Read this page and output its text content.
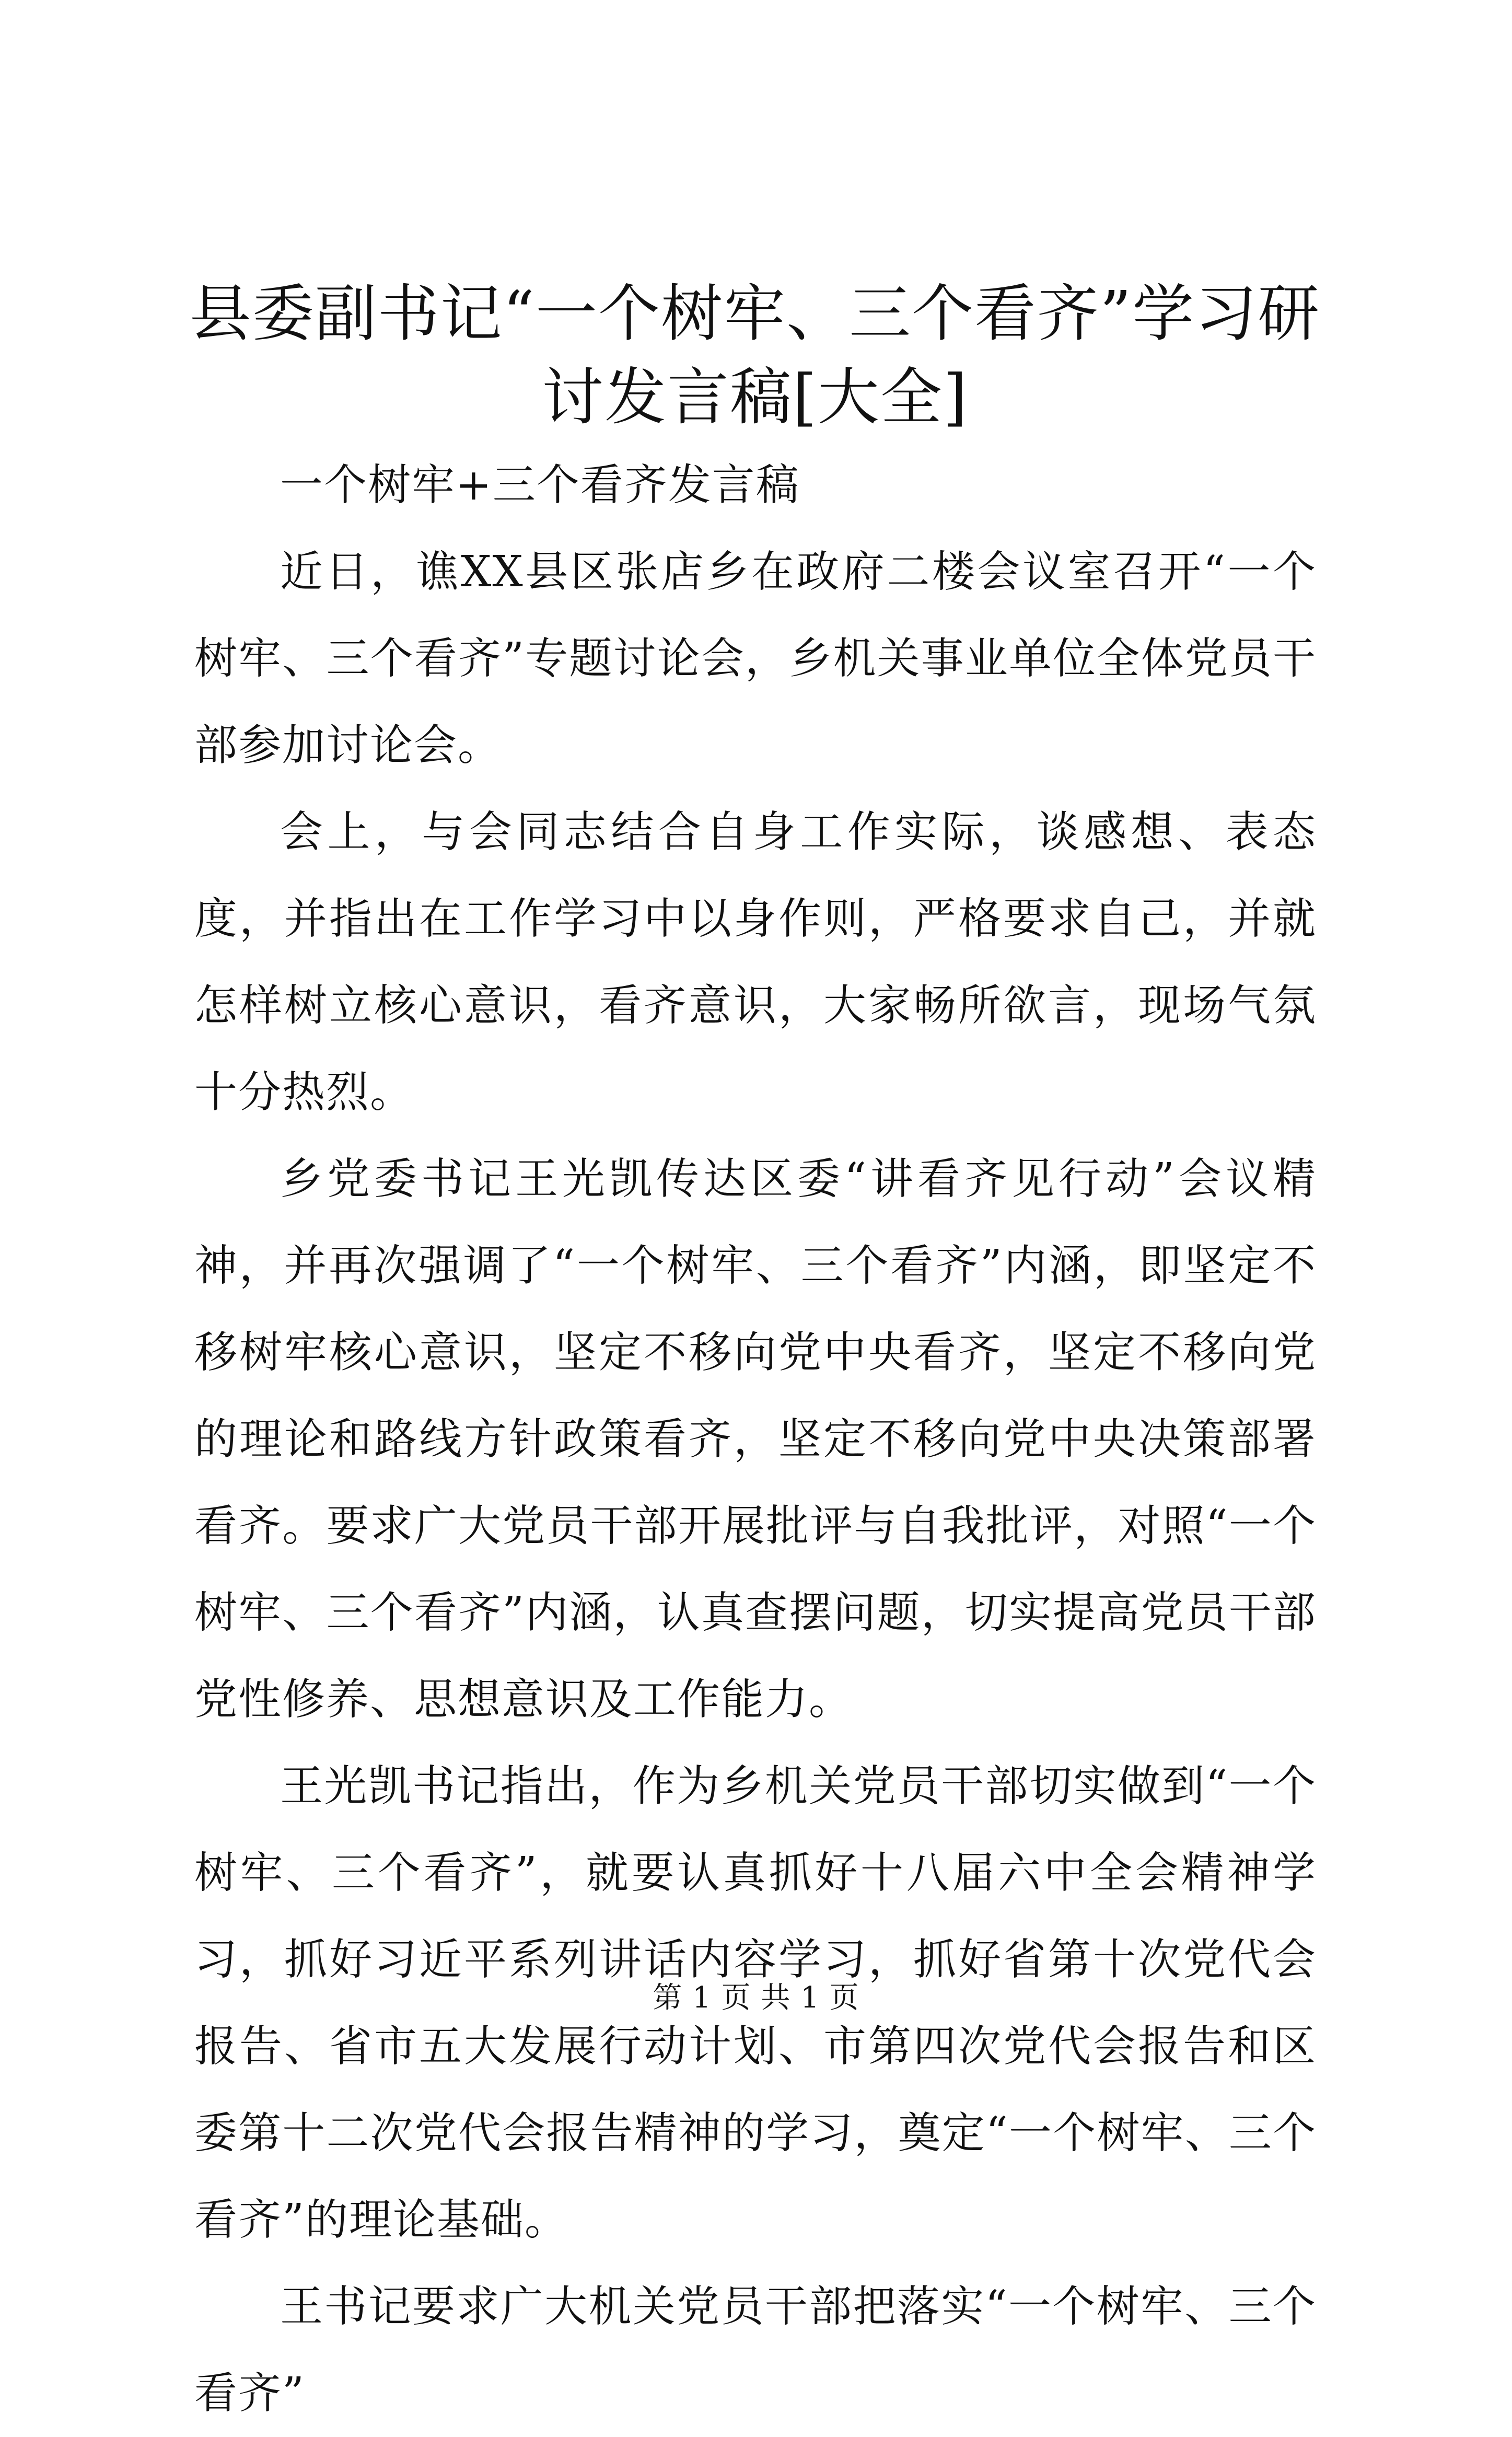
县委副书记“一个树牢、三个看齐”学习研讨发言稿[大全]

一个树牢+三个看齐发言稿

近日，谯XX县区张店乡在政府二楼会议室召开“一个树牢、三个看齐”专题讨论会，乡机关事业单位全体党员干部参加讨论会。

会上，与会同志结合自身工作实际，谈感想、表态度，并指出在工作学习中以身作则，严格要求自己，并就怎样树立核心意识，看齐意识，大家畅所欲言，现场气氛十分热烈。

乡党委书记王光凯传达区委“讲看齐见行动”会议精神，并再次强调了“一个树牢、三个看齐”内涵，即坚定不移树牢核心意识，坚定不移向党中央看齐，坚定不移向党的理论和路线方针政策看齐，坚定不移向党中央决策部署看齐。要求广大党员干部开展批评与自我批评，对照“一个树牢、三个看齐”内涵，认真查摆问题，切实提高党员干部党性修养、思想意识及工作能力。

王光凯书记指出，作为乡机关党员干部切实做到“一个树牢、三个看齐”，就要认真抓好十八届六中全会精神学习，抓好习近平系列讲话内容学习，抓好省第十次党代会报告、省市五大发展行动计划、市第四次党代会报告和区委第十二次党代会报告精神的学习，奠定“一个树牢、三个看齐”的理论基础。

王书记要求广大机关党员干部把落实“一个树牢、三个看齐”

第 1 页 共 1 页
